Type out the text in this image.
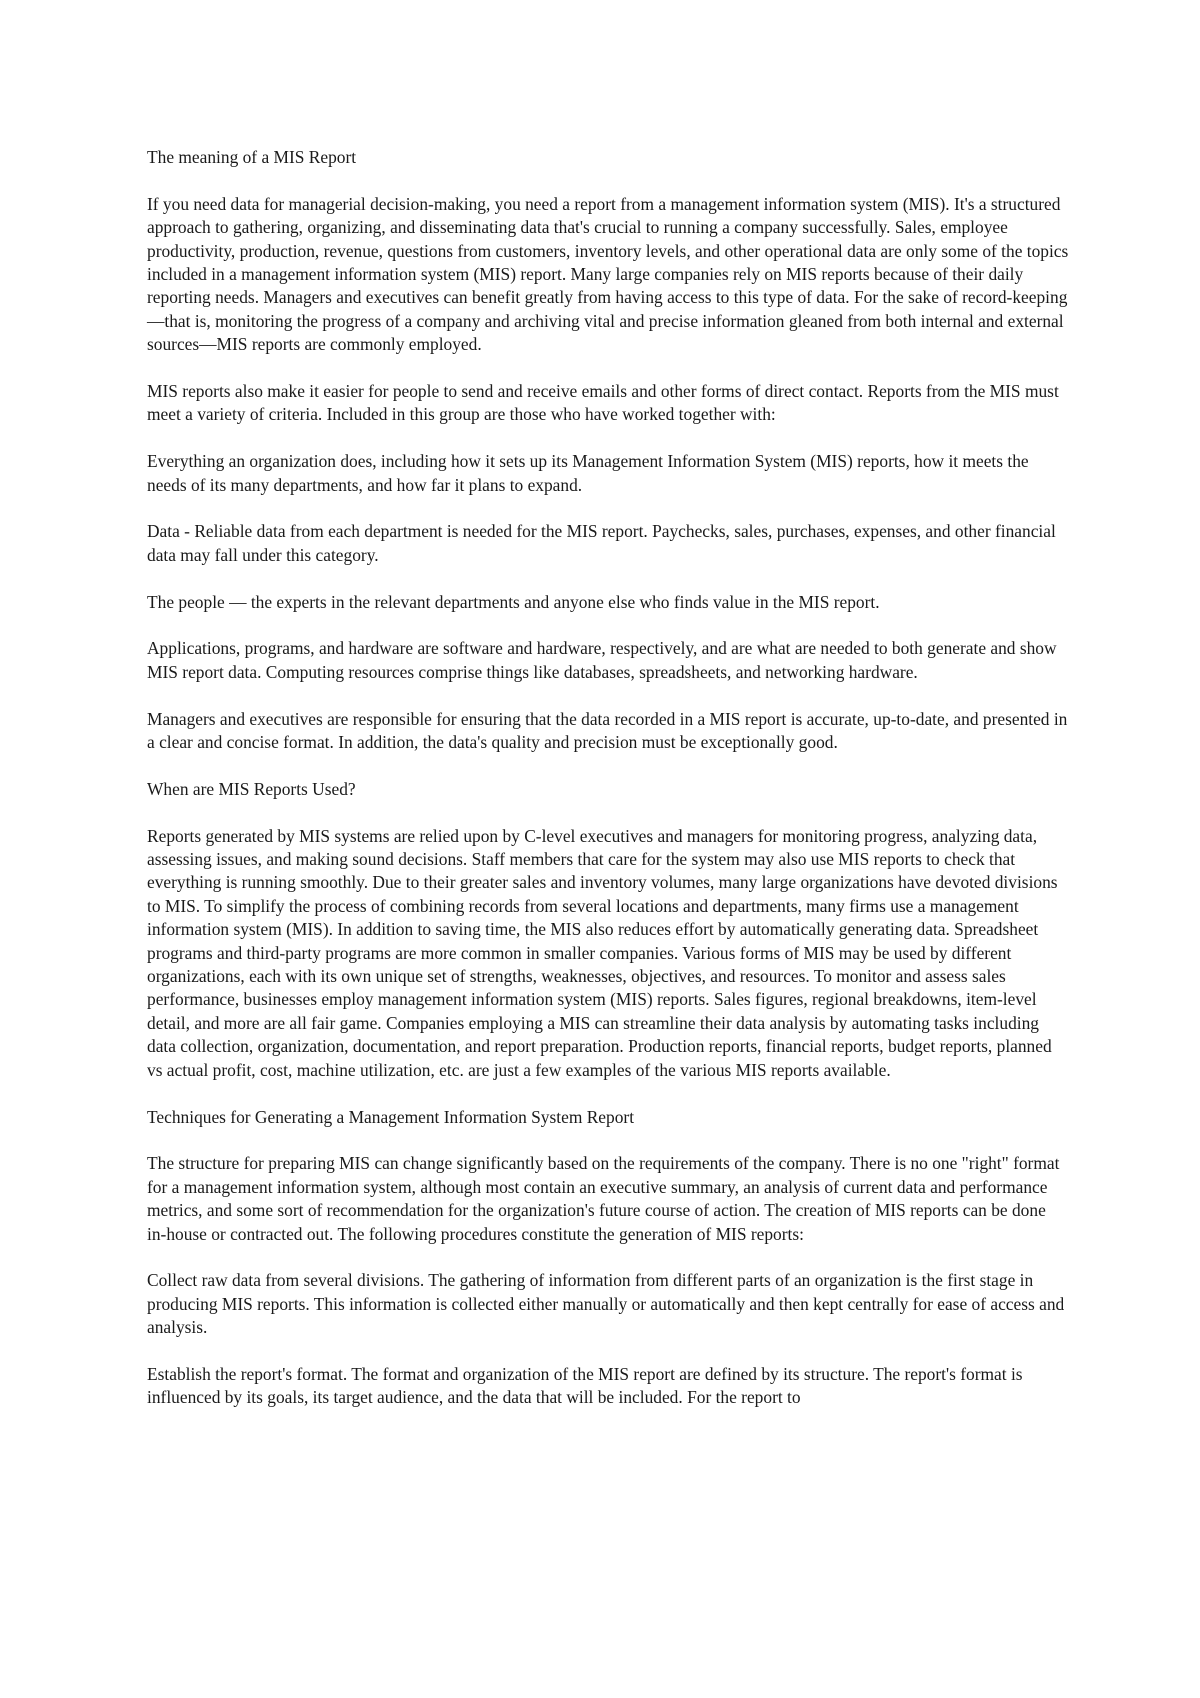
The meaning of a MIS Report

If you need data for managerial decision-making, you need a report from a management information system (MIS). It's a structured approach to gathering, organizing, and disseminating data that's crucial to running a company successfully. Sales, employee productivity, production, revenue, questions from customers, inventory levels, and other operational data are only some of the topics included in a management information system (MIS) report. Many large companies rely on MIS reports because of their daily reporting needs. Managers and executives can benefit greatly from having access to this type of data. For the sake of record-keeping—that is, monitoring the progress of a company and archiving vital and precise information gleaned from both internal and external sources—MIS reports are commonly employed.

MIS reports also make it easier for people to send and receive emails and other forms of direct contact. Reports from the MIS must meet a variety of criteria. Included in this group are those who have worked together with:

Everything an organization does, including how it sets up its Management Information System (MIS) reports, how it meets the needs of its many departments, and how far it plans to expand.

Data - Reliable data from each department is needed for the MIS report. Paychecks, sales, purchases, expenses, and other financial data may fall under this category.

The people — the experts in the relevant departments and anyone else who finds value in the MIS report.

Applications, programs, and hardware are software and hardware, respectively, and are what are needed to both generate and show MIS report data. Computing resources comprise things like databases, spreadsheets, and networking hardware.

Managers and executives are responsible for ensuring that the data recorded in a MIS report is accurate, up-to-date, and presented in a clear and concise format. In addition, the data's quality and precision must be exceptionally good.

When are MIS Reports Used?

Reports generated by MIS systems are relied upon by C-level executives and managers for monitoring progress, analyzing data, assessing issues, and making sound decisions. Staff members that care for the system may also use MIS reports to check that everything is running smoothly. Due to their greater sales and inventory volumes, many large organizations have devoted divisions to MIS. To simplify the process of combining records from several locations and departments, many firms use a management information system (MIS). In addition to saving time, the MIS also reduces effort by automatically generating data. Spreadsheet programs and third-party programs are more common in smaller companies. Various forms of MIS may be used by different organizations, each with its own unique set of strengths, weaknesses, objectives, and resources. To monitor and assess sales performance, businesses employ management information system (MIS) reports. Sales figures, regional breakdowns, item-level detail, and more are all fair game. Companies employing a MIS can streamline their data analysis by automating tasks including data collection, organization, documentation, and report preparation. Production reports, financial reports, budget reports, planned vs actual profit, cost, machine utilization, etc. are just a few examples of the various MIS reports available.

Techniques for Generating a Management Information System Report

The structure for preparing MIS can change significantly based on the requirements of the company. There is no one "right" format for a management information system, although most contain an executive summary, an analysis of current data and performance metrics, and some sort of recommendation for the organization's future course of action. The creation of MIS reports can be done in-house or contracted out. The following procedures constitute the generation of MIS reports:

Collect raw data from several divisions. The gathering of information from different parts of an organization is the first stage in producing MIS reports. This information is collected either manually or automatically and then kept centrally for ease of access and analysis.

Establish the report's format. The format and organization of the MIS report are defined by its structure. The report's format is influenced by its goals, its target audience, and the data that will be included. For the report to
